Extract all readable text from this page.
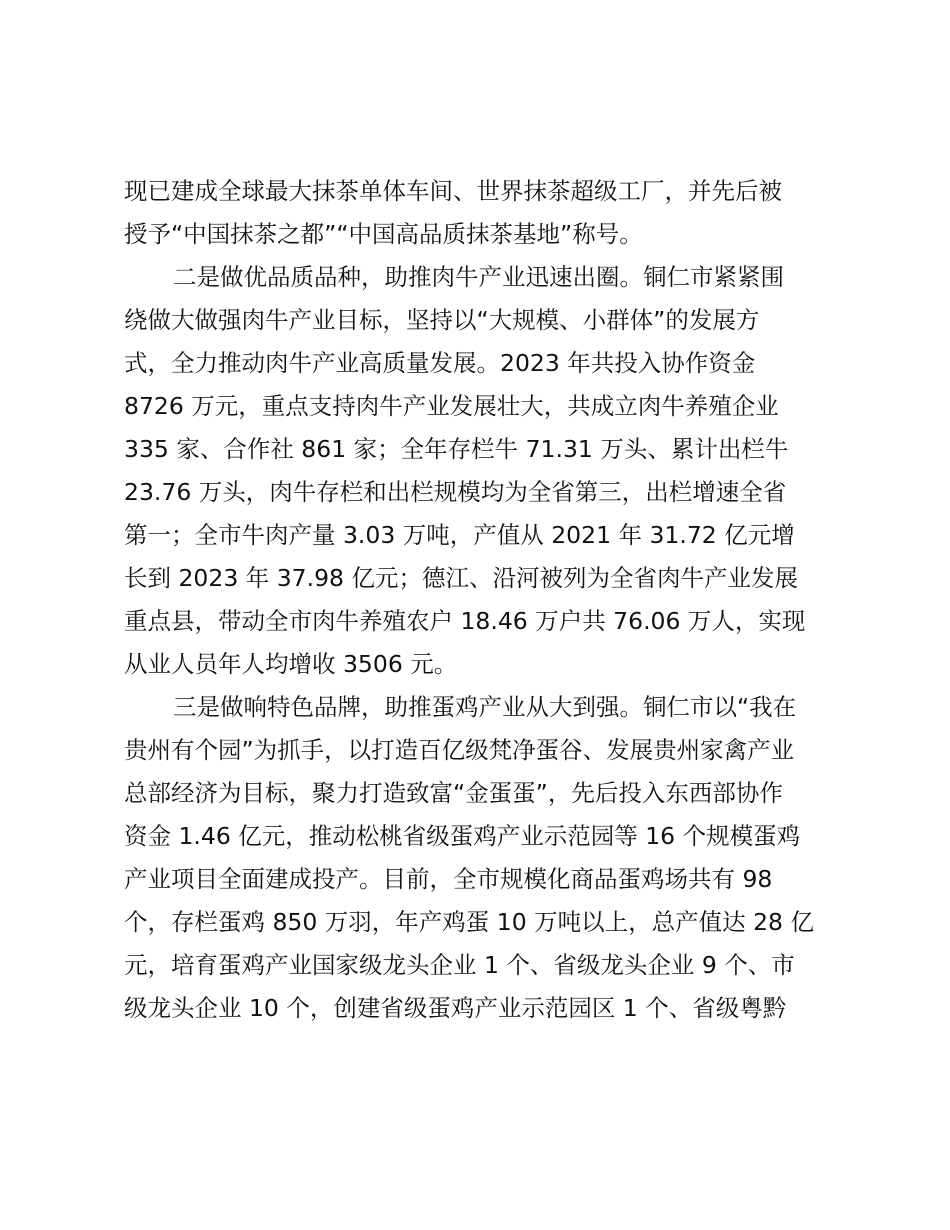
现已建成全球最大抹茶单体车间、世界抹茶超级工厂，并先后被
授予“中国抹茶之都”“中国高品质抹茶基地”称号。
二是做优品质品种，助推肉牛产业迅速出圈。铜仁市紧紧围
绕做大做强肉牛产业目标，坚持以“大规模、小群体”的发展方
式，全力推动肉牛产业高质量发展。2023 年共投入协作资金
8726 万元，重点支持肉牛产业发展壮大，共成立肉牛养殖企业
335 家、合作社 861 家；全年存栏牛 71.31 万头、累计出栏牛
23.76 万头，肉牛存栏和出栏规模均为全省第三，出栏增速全省
第一；全市牛肉产量 3.03 万吨，产值从 2021 年 31.72 亿元增
长到 2023 年 37.98 亿元；德江、沿河被列为全省肉牛产业发展
重点县，带动全市肉牛养殖农户 18.46 万户共 76.06 万人，实现
从业人员年人均增收 3506 元。
三是做响特色品牌，助推蛋鸡产业从大到强。铜仁市以“我在
贵州有个园”为抓手，以打造百亿级梵净蛋谷、发展贵州家禽产业
总部经济为目标，聚力打造致富“金蛋蛋”，先后投入东西部协作
资金 1.46 亿元，推动松桃省级蛋鸡产业示范园等 16 个规模蛋鸡
产业项目全面建成投产。目前，全市规模化商品蛋鸡场共有 98
个，存栏蛋鸡 850 万羽，年产鸡蛋 10 万吨以上，总产值达 28 亿
元，培育蛋鸡产业国家级龙头企业 1 个、省级龙头企业 9 个、市
级龙头企业 10 个，创建省级蛋鸡产业示范园区 1 个、省级粤黔
